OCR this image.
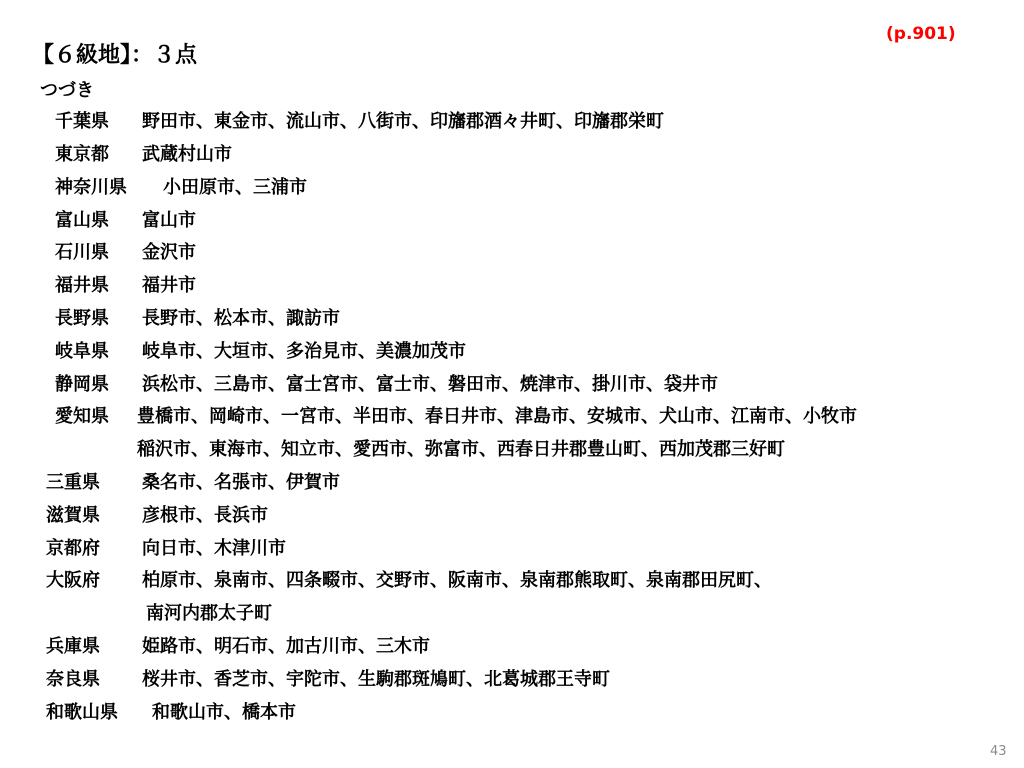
(p.901)
【６級地】：３点
つづき
千葉県 野田市、東金市、流山市、八街市、印旛郡酒々井町、印旛郡栄町
東京都 武蔵村山市
神奈川県 小田原市、三浦市
富山県 富山市
石川県 金沢市
福井県 福井市
長野県 長野市、松本市、諏訪市
岐阜県 岐阜市、大垣市、多治見市、美濃加茂市
静岡県 浜松市、三島市、富士宮市、富士市、磐田市、焼津市、掛川市、袋井市
愛知県 豊橋市、岡崎市、一宮市、半田市、春日井市、津島市、安城市、犬山市、江南市、小牧市
稲沢市、東海市、知立市、愛西市、弥富市、西春日井郡豊山町、西加茂郡三好町
三重県 桑名市、名張市、伊賀市
滋賀県 彦根市、長浜市
京都府 向日市、木津川市
大阪府 柏原市、泉南市、四条畷市、交野市、阪南市、泉南郡熊取町、泉南郡田尻町、
南河内郡太子町
兵庫県 姫路市、明石市、加古川市、三木市
奈良県 桜井市、香芝市、宇陀市、生駒郡斑鳩町、北葛城郡王寺町
和歌山県 和歌山市、橋本市
43
